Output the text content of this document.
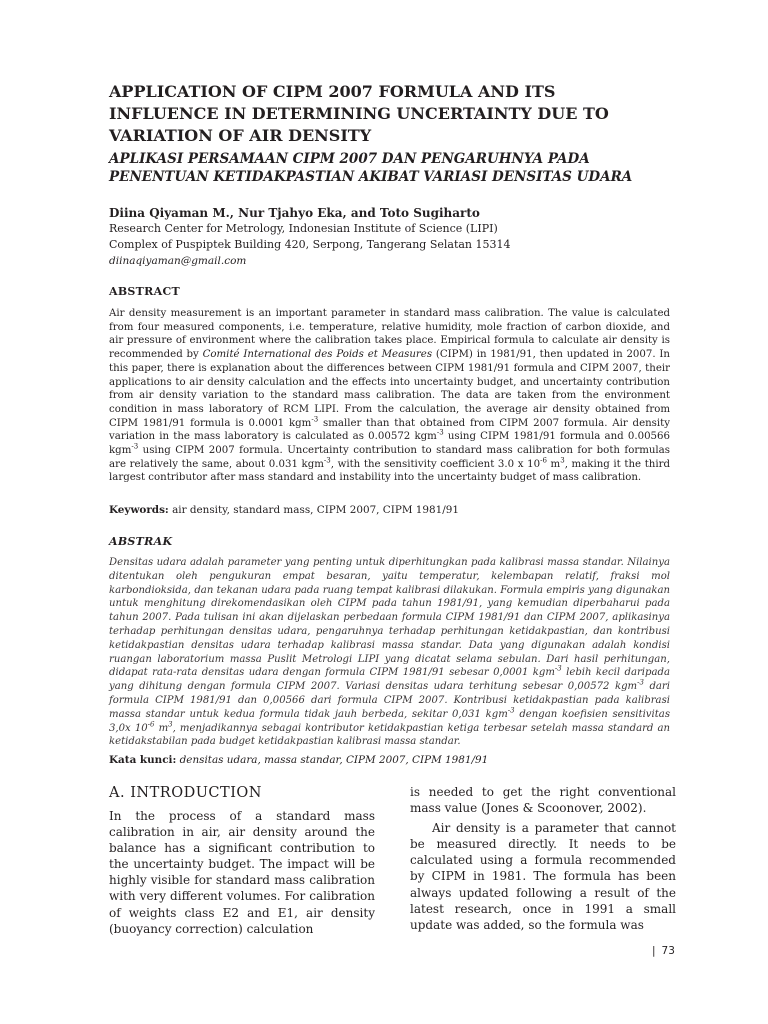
APPLICATION OF CIPM 2007 FORMULA AND ITS INFLUENCE IN DETERMINING UNCERTAINTY DUE TO VARIATION OF AIR DENSITY
APLIKASI PERSAMAAN CIPM 2007 DAN PENGARUHNYA PADA PENENTUAN KETIDAKPASTIAN AKIBAT VARIASI DENSITAS UDARA
Diina Qiyaman M., Nur Tjahyo Eka, and Toto Sugiharto
Research Center for Metrology, Indonesian Institute of Science (LIPI)
Complex of Puspiptek Building 420, Serpong, Tangerang Selatan 15314
diinaqiyaman@gmail.com
ABSTRACT

Air density measurement is an important parameter in standard mass calibration. The value is calculated from four measured components, i.e. temperature, relative humidity, mole fraction of carbon dioxide, and air pressure of environment where the calibration takes place. Empirical formula to calculate air density is recommended by Comité International des Poids et Measures (CIPM) in 1981/91, then updated in 2007. In this paper, there is explanation about the differences between CIPM 1981/91 formula and CIPM 2007, their applications to air density calculation and the effects into uncertainty budget, and uncertainty contribution from air density variation to the standard mass calibration. The data are taken from the environment condition in mass laboratory of RCM LIPI. From the calculation, the average air density obtained from CIPM 1981/91 formula is 0.0001 kgm$^{-3}$ smaller than that obtained from CIPM 2007 formula. Air density variation in the mass laboratory is calculated as 0.00572 kgm$^{-3}$ using CIPM 1981/91 formula and 0.00566 kgm$^{-3}$ using CIPM 2007 formula. Uncertainty contribution to standard mass calibration for both formulas are relatively the same, about 0.031 kgm$^{-3}$, with the sensitivity coefficient 3.0 x $10^{-6}$ $m^3$, making it the third largest contributor after mass standard and instability into the uncertainty budget of mass calibration.

Keywords: air density, standard mass, CIPM 2007, CIPM 1981/91

ABSTRAK

Densitas udara adalah parameter yang penting untuk diperhitungkan pada kalibrasi massa standar. Nilainya ditentukan oleh pengukuran empat besaran, yaitu temperatur, kelembapan relatif, fraksi mol karbondioksida, dan tekanan udara pada ruang tempat kalibrasi dilakukan. Formula empiris yang digunakan untuk menghitung direkomendasikan oleh CIPM pada tahun 1981/91, yang kemudian diperbaharui pada tahun 2007. Pada tulisan ini akan dijelaskan perbedaan formula CIPM 1981/91 dan CIPM 2007, aplikasinya terhadap perhitungan densitas udara, pengaruhnya terhadap perhitungan ketidakpastian, dan kontribusi ketidakpastian densitas udara terhadap kalibrasi massa standar. Data yang digunakan adalah kondisi ruangan laboratorium massa Puslit Metrologi LIPI yang dicatat selama sebulan. Dari hasil perhitungan, didapat rata-rata densitas udara dengan formula CIPM 1981/91 sebesar 0,0001 kgm$^{-3}$ lebih kecil daripada yang dihitung dengan formula CIPM 2007. Variasi densitas udara terhitung sebesar 0,00572 kgm$^{-3}$ dari formula CIPM 1981/91 dan 0,00566 dari formula CIPM 2007. Kontribusi ketidakpastian pada kalibrasi massa standar untuk kedua formula tidak jauh berbeda, sekitar 0,031 kgm$^{-3}$ dengan koefisien sensitivitas 3,0x $10^{-6}$ $m^3$, menjadikannya sebagai kontributor ketidakpastian ketiga terbesar setelah massa standard an ketidakstabilan pada budget ketidakpastian kalibrasi massa standar.

Kata kunci: densitas udara, massa standar, CIPM 2007, CIPM 1981/91

A. INTRODUCTION

In the process of a standard mass calibration in air, air density around the balance has a significant contribution to the uncertainty budget. The impact will be highly visible for standard mass calibration with very different volumes. For calibration of weights class E2 and E1, air density (buoyancy correction) calculation

is needed to get the right conventional mass value (Jones & Scoonover, 2002).

Air density is a parameter that cannot be measured directly. It needs to be calculated using a formula recommended by CIPM in 1981. The formula has been always updated following a result of the latest research, once in 1991 a small update was added, so the formula was

| 73
